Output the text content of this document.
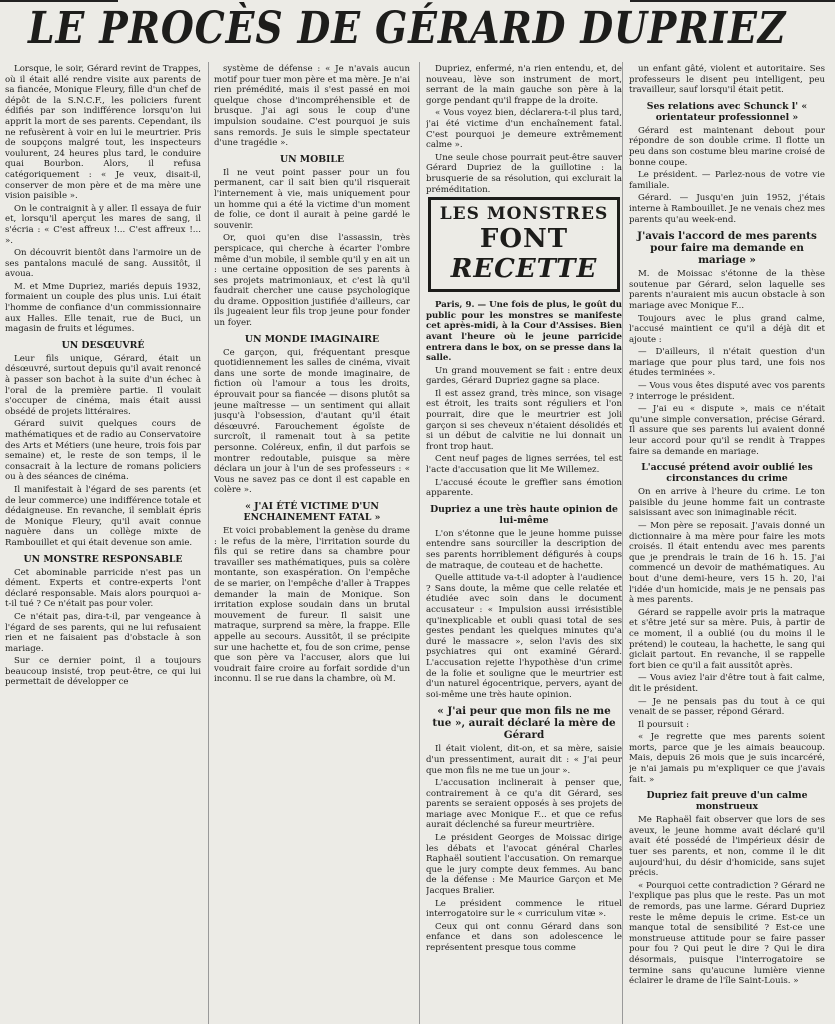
LE PROCÈS DE GÉRARD DUPRIEZ

Lorsque, le soir, Gérard revint de Trappes, où il était allé rendre visite aux parents de sa fiancée, Monique Fleury, fille d'un chef de dépôt de la S.N.C.F., les policiers furent édifiés par son indifférence lorsqu'on lui apprit la mort de ses parents. Cependant, ils ne refusèrent à voir en lui le meurtrier. Pris de soupçons malgré tout, les inspecteurs voulurent, 24 heures plus tard, le conduire quai Bourbon. Alors, il refusa catégoriquement : « Je veux, disait-il, conserver de mon père et de ma mère une vision paisible ».

On le contraignit à y aller. Il essaya de fuir et, lorsqu'il aperçut les mares de sang, il s'écria : « C'est affreux !... C'est affreux !... ».

On découvrit bientôt dans l'armoire un de ses pantalons maculé de sang. Aussitôt, il avoua.

M. et Mme Dupriez, mariés depuis 1932, formaient un couple des plus unis. Lui était l'homme de confiance d'un commissionnaire aux Halles. Elle tenait, rue de Buci, un magasin de fruits et légumes.

UN DESŒUVRÉ

Leur fils unique, Gérard, était un désœuvré, surtout depuis qu'il avait renoncé à passer son bachot à la suite d'un échec à l'oral de la première partie. Il voulait s'occuper de cinéma, mais était aussi obsédé de projets littéraires.

Gérard suivit quelques cours de mathématiques et de radio au Conservatoire des Arts et Métiers (une heure, trois fois par semaine) et, le reste de son temps, il le consacrait à la lecture de romans policiers ou à des séances de cinéma.

Il manifestait à l'égard de ses parents (et de leur commerce) une indifférence totale et dédaigneuse. En revanche, il semblait épris de Monique Fleury, qu'il avait connue naguère dans un collège mixte de Rambouillet et qui était devenue son amie.

UN MONSTRE RESPONSABLE

Cet abominable parricide n'est pas un dément. Experts et contre-experts l'ont déclaré responsable. Mais alors pourquoi a-t-il tué ? Ce n'était pas pour voler.

Ce n'était pas, dira-t-il, par vengeance à l'égard de ses parents, qui ne lui refusaient rien et ne faisaient pas d'obstacle à son mariage.

Sur ce dernier point, il a toujours beaucoup insisté, trop peut-être, ce qui lui permettait de développer ce

système de défense : « Je n'avais aucun motif pour tuer mon père et ma mère. Je n'ai rien prémédité, mais il s'est passé en moi quelque chose d'incompréhensible et de brusque. J'ai agi sous le coup d'une impulsion soudaine. C'est pourquoi je suis sans remords. Je suis le simple spectateur d'une tragédie ».

UN MOBILE

Il ne veut point passer pour un fou permanent, car il sait bien qu'il risquerait l'internement à vie, mais uniquement pour un homme qui a été la victime d'un moment de folie, ce dont il aurait à peine gardé le souvenir.

Or, quoi qu'en dise l'assassin, très perspicace, qui cherche à écarter l'ombre même d'un mobile, il semble qu'il y en ait un : une certaine opposition de ses parents à ses projets matrimoniaux, et c'est là qu'il faudrait chercher une cause psychologique du drame. Opposition justifiée d'ailleurs, car ils jugeaient leur fils trop jeune pour fonder un foyer.

UN MONDE IMAGINAIRE

Ce garçon, qui, fréquentant presque quotidiennement les salles de cinéma, vivait dans une sorte de monde imaginaire, de fiction où l'amour a tous les droits, éprouvait pour sa fiancée — disons plutôt sa jeune maîtresse — un sentiment qui allait jusqu'à l'obsession, d'autant qu'il était désœuvré. Farouchement égoïste de surcroît, il ramenait tout à sa petite personne. Coléreux, enfin, il dut parfois se montrer redoutable, puisque sa mère déclara un jour à l'un de ses professeurs : « Vous ne savez pas ce dont il est capable en colère ».

« J'AI ÉTÉ VICTIME D'UN ENCHAINEMENT FATAL »

Et voici probablement la genèse du drame : le refus de la mère, l'irritation sourde du fils qui se retire dans sa chambre pour travailler ses mathématiques, puis sa colère montante, son exaspération. On l'empêche de se marier, on l'empêche d'aller à Trappes demander la main de Monique. Son irritation explose soudain dans un brutal mouvement de fureur. Il saisit une matraque, surprend sa mère, la frappe. Elle appelle au secours. Aussitôt, il se précipite sur une hachette et, fou de son crime, pense que son père va l'accuser, alors que lui voudrait faire croire au forfait sordide d'un inconnu. Il se rue dans la chambre, où M.

Dupriez, enfermé, n'a rien entendu, et, de nouveau, lève son instrument de mort, serrant de la main gauche son père à la gorge pendant qu'il frappe de la droite.

« Vous voyez bien, déclarera-t-il plus tard, j'ai été victime d'un enchaînement fatal. C'est pourquoi je demeure extrêmement calme ».

Une seule chose pourrait peut-être sauver Gérard Dupriez de la guillotine : la brusquerie de sa résolution, qui exclurait la préméditation.

LES MONSTRES
FONT
RECETTE

Paris, 9. — Une fois de plus, le goût du public pour les monstres se manifeste cet après-midi, à la Cour d'Assises. Bien avant l'heure où le jeune parricide entrera dans le box, on se presse dans la salle.

Un grand mouvement se fait : entre deux gardes, Gérard Dupriez gagne sa place.

Il est assez grand, très mince, son visage est étroit, les traits sont réguliers et l'on pourrait, dire que le meurtrier est joli garçon si ses cheveux n'étaient désolidés et si un début de calvitie ne lui donnait un front trop haut.

Cent neuf pages de lignes serrées, tel est l'acte d'accusation que lit Me Willemez.

L'accusé écoute le greffier sans émotion apparente.

Dupriez a une très haute opinion de lui-même

L'on s'étonne que le jeune homme puisse entendre sans sourciller la description de ses parents horriblement défigurés à coups de matraque, de couteau et de hachette.

Quelle attitude va-t-il adopter à l'audience ? Sans doute, la même que celle relatée et étudiée avec soin dans le document accusateur : « Impulsion aussi irrésistible qu'inexplicable et oubli quasi total de ses gestes pendant les quelques minutes qu'a duré le massacre », selon l'avis des six psychiatres qui ont examiné Gérard. L'accusation rejette l'hypothèse d'un crime de la folie et souligne que le meurtrier est d'un naturel égocentrique, pervers, ayant de soi-même une très haute opinion.

« J'ai peur que mon fils ne me tue », aurait déclaré la mère de Gérard

Il était violent, dit-on, et sa mère, saisie d'un pressentiment, aurait dit : « J'ai peur que mon fils ne me tue un jour ».

L'accusation inclinerait à penser que, contrairement à ce qu'a dit Gérard, ses parents se seraient opposés à ses projets de mariage avec Monique F... et que ce refus aurait déclenché sa fureur meurtrière.

Le président Georges de Moissac dirige les débats et l'avocat général Charles Raphaël soutient l'accusation. On remarque que le jury compte deux femmes. Au banc de la défense : Me Maurice Garçon et Me Jacques Bralier.

Le président commence le rituel interrogatoire sur le « curriculum vitæ ».

Ceux qui ont connu Gérard dans son enfance et dans son adolescence le représentent presque tous comme

un enfant gâté, violent et autoritaire. Ses professeurs le disent peu intelligent, peu travailleur, sauf lorsqu'il était petit.

Ses relations avec Schunck l' « orientateur professionnel »

Gérard est maintenant debout pour répondre de son double crime. Il flotte un peu dans son costume bleu marine croisé de bonne coupe.

Le président. — Parlez-nous de votre vie familiale.

Gérard. — Jusqu'en juin 1952, j'étais interne à Rambouillet. Je ne venais chez mes parents qu'au week-end.

J'avais l'accord de mes parents pour faire ma demande en mariage »

M. de Moissac s'étonne de la thèse soutenue par Gérard, selon laquelle ses parents n'auraient mis aucun obstacle à son mariage avec Monique F...

Toujours avec le plus grand calme, l'accusé maintient ce qu'il a déjà dit et ajoute :

— D'ailleurs, il n'était question d'un mariage que pour plus tard, une fois nos études terminées ».

— Vous vous êtes disputé avec vos parents ? interroge le président.

— J'ai eu « dispute », mais ce n'était qu'une simple conversation, précise Gérard. Il assure que ses parents lui avaient donné leur accord pour qu'il se rendit à Trappes faire sa demande en mariage.

L'accusé prétend avoir oublié les circonstances du crime

On en arrive à l'heure du crime. Le ton paisible du jeune homme fait un contraste saisissant avec son inimaginable récit.

— Mon père se reposait. J'avais donné un dictionnaire à ma mère pour faire les mots croisés. Il était entendu avec mes parents que je prendrais le train de 16 h. 15. J'ai commencé un devoir de mathématiques. Au bout d'une demi-heure, vers 15 h. 20, l'ai l'idée d'un homicide, mais je ne pensais pas à mes parents.

Gérard se rappelle avoir pris la matraque et s'être jeté sur sa mère. Puis, à partir de ce moment, il a oublié (ou du moins il le prétend) le couteau, la hachette, le sang qui giclait partout. En revanche, il se rappelle fort bien ce qu'il a fait aussitôt après.

— Vous aviez l'air d'être tout à fait calme, dit le président.

— Je ne pensais pas du tout à ce qui venait de se passer, répond Gérard.

Il poursuit :

« Je regrette que mes parents soient morts, parce que je les aimais beaucoup. Mais, depuis 26 mois que je suis incarcéré, je n'ai jamais pu m'expliquer ce que j'avais fait. »

Dupriez fait preuve d'un calme monstrueux

Me Raphaël fait observer que lors de ses aveux, le jeune homme avait déclaré qu'il avait été possédé de l'impérieux désir de tuer ses parents, et non, comme il le dit aujourd'hui, du désir d'homicide, sans sujet précis.

« Pourquoi cette contradiction ? Gérard ne l'explique pas plus que le reste. Pas un mot de remords, pas une larme. Gérard Dupriez reste le même depuis le crime. Est-ce un manque total de sensibilité ? Est-ce une monstrueuse attitude pour se faire passer pour fou ? Qui peut le dire ? Qui le dira désormais, puisque l'interrogatoire se termine sans qu'aucune lumière vienne éclairer le drame de l'île Saint-Louis. »
